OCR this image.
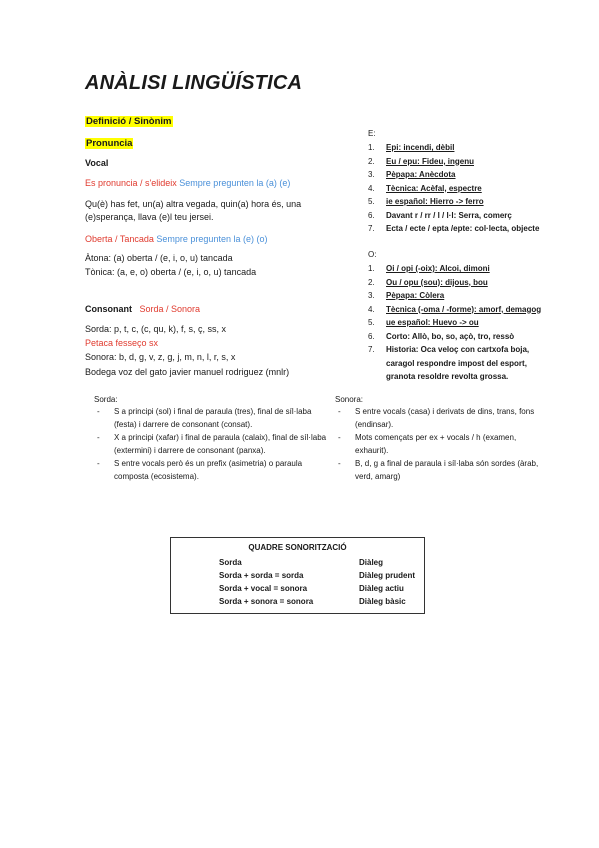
ANÀLISI LINGÜÍSTICA
Definició / Sinònim
Pronuncia
Vocal
Es pronuncia / s'elideix Sempre pregunten la (a) (e)
Qu(è) has fet, un(a) altra vegada, quin(a) hora és, una
(e)sperança, llava (e)l teu jersei.
Oberta / Tancada Sempre pregunten la (e) (o)
Àtona: (a) oberta / (e, i, o, u) tancada
Tònica: (a, e, o) oberta / (e, i, o, u) tancada
Consonant Sorda / Sonora
Sorda: p, t, c, (c, qu, k), f, s, ç, ss, x
Petaca fesseço sx
Sonora: b, d, g, v, z, g, j, m, n, l, r, s, x
Bodega voz del gato javier manuel rodriguez (mnlr)
E:
1. Epi: incendi, dèbil
2. Eu / epu: Fideu, ingenu
3. Pèpapa: Anècdota
4. Tècnica: Acèfal, espectre
5. ie español: Hierro -> ferro
6. Davant r / rr / l / l·l: Serra, comerç
7. Ecta / ecte / epta /epte: col·lecta, objecte
O:
1. Oi / opi (-oix): Alcoi, dimoni
2. Ou / opu (sou): dijous, bou
3. Pèpapa: Còlera
4. Tècnica (-oma / -forme): amorf, demagog
5. ue español: Huevo -> ou
6. Corto: Allò, bo, so, açò, tro, ressò
7. Historia: Oca veloç con cartxofa boja,
caragol respondre impost del esport,
granota resoldre revolta grossa.
Sorda:
- S a principi (sol) i final de paraula (tres), final de síl·laba (festa) i darrere de consonant (consat).
- X a principi (xafar) i final de paraula (calaix), final de síl·laba (extermini) i darrere de consonant (panxa).
- S entre vocals però és un prefix (asimetria) o paraula composta (ecosistema).
Sonora:
- S entre vocals (casa) i derivats de dins, trans, fons (endinsar).
- Mots començats per ex + vocals / h (examen, exhaurit).
- B, d, g a final de paraula i síl·laba són sordes (àrab, verd, amarg)
QUADRE SONORITZACIÓ
Sorda
Sorda + sorda = sorda
Sorda + vocal = sonora
Sorda + sonora = sonora
Diàleg
Diàleg prudent
Diàleg actiu
Diàleg bàsic
